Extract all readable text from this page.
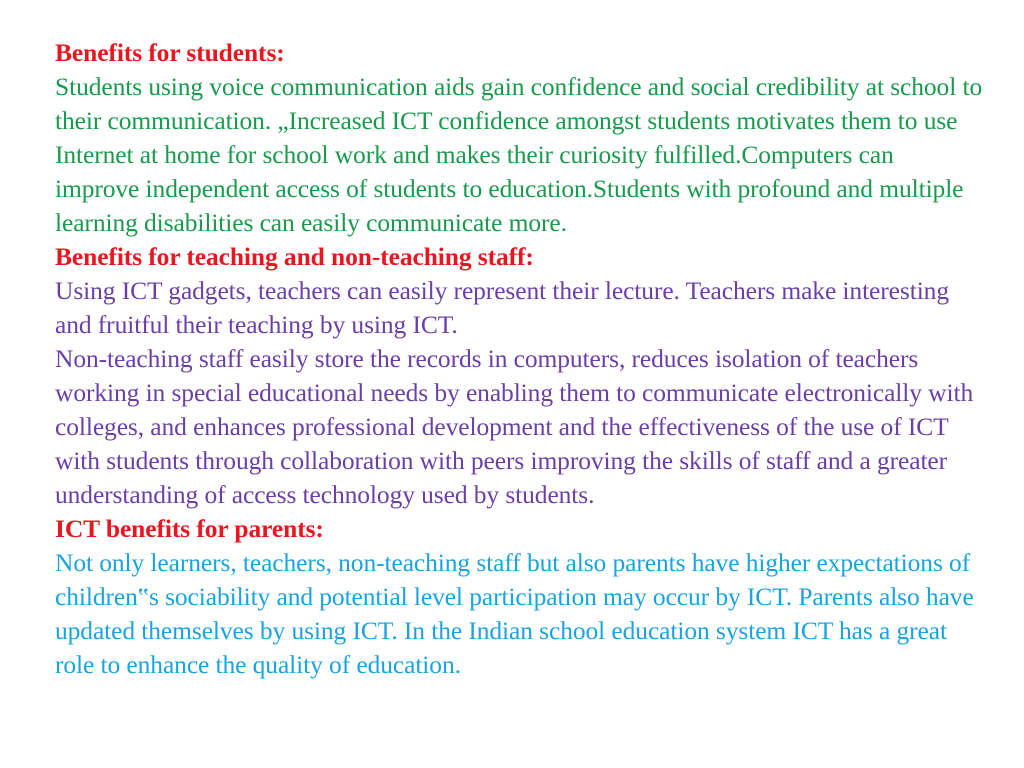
Benefits for students:

Students using voice communication aids gain confidence and social credibility at school to their communication. „Increased ICT confidence amongst students motivates them to use Internet at home for school work and makes their curiosity fulfilled.Computers can improve independent access of students to education.Students with profound and multiple learning disabilities can easily communicate more.

Benefits for teaching and non-teaching staff:

Using ICT gadgets, teachers can easily represent their lecture. Teachers make interesting and fruitful their teaching by using ICT.

Non-teaching staff easily store the records in computers, reduces isolation of teachers working in special educational needs by enabling them to communicate electronically with colleges, and enhances professional development and the effectiveness of the use of ICT with students through collaboration with peers improving the skills of staff and a greater understanding of access technology used by students.

ICT benefits for parents:

Not only learners, teachers, non-teaching staff but also parents have higher expectations of children‟s sociability and potential level participation may occur by ICT. Parents also have updated themselves by using ICT. In the Indian school education system ICT has a great role to enhance the quality of education.
